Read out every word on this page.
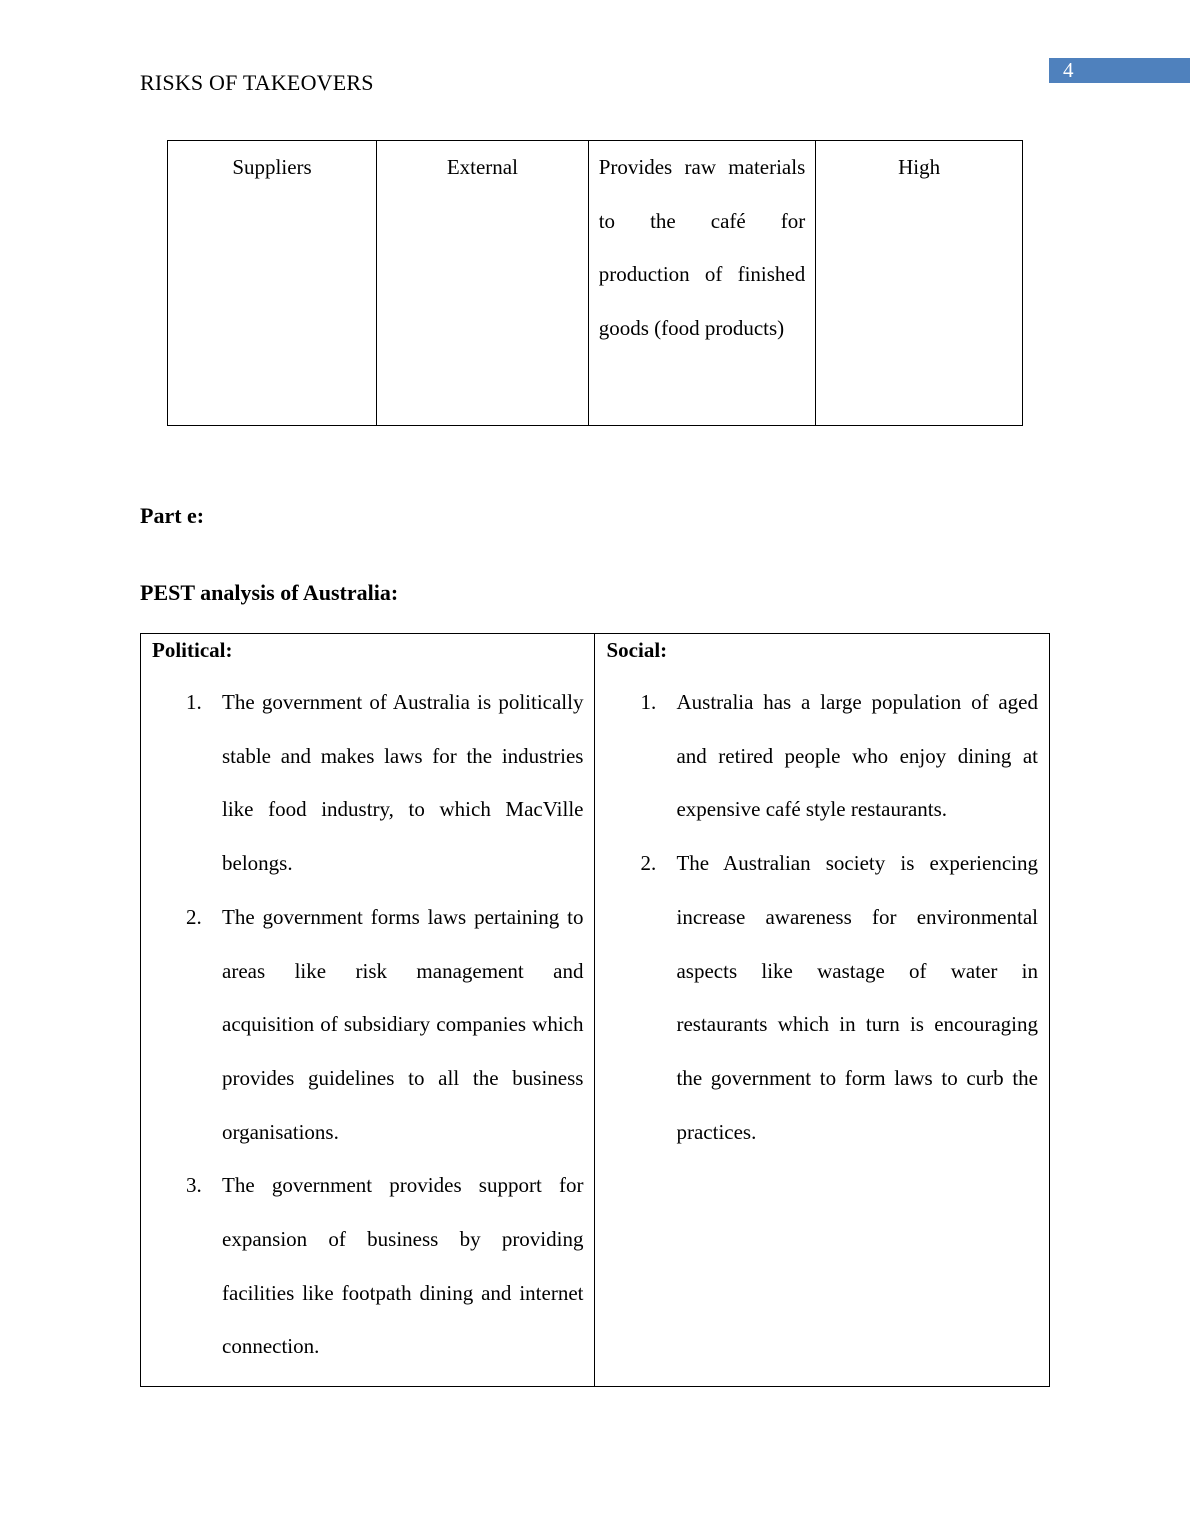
4
RISKS OF TAKEOVERS
Suppliers	External	Provides raw materials to the café for production of finished goods (food products)	High
Part e:
PEST analysis of Australia:
Political:
1. The government of Australia is politically stable and makes laws for the industries like food industry, to which MacVille belongs.
2. The government forms laws pertaining to areas like risk management and acquisition of subsidiary companies which provides guidelines to all the business organisations.
3. The government provides support for expansion of business by providing facilities like footpath dining and internet connection.

Social:
1. Australia has a large population of aged and retired people who enjoy dining at expensive café style restaurants.
2. The Australian society is experiencing increase awareness for environmental aspects like wastage of water in restaurants which in turn is encouraging the government to form laws to curb the practices.
